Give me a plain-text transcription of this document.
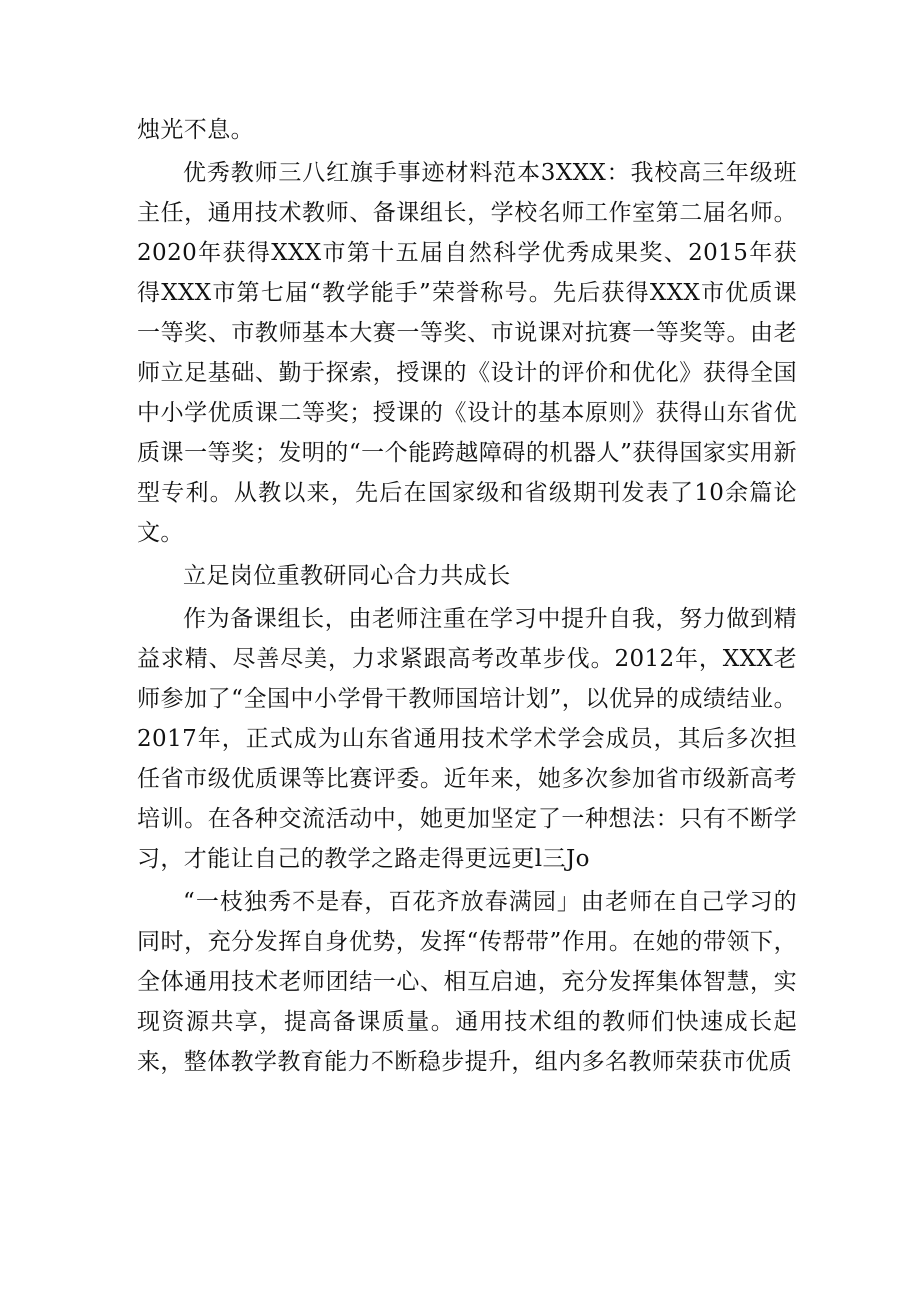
烛光不息。

优秀教师三八红旗手事迹材料范本3XXX：我校高三年级班主任，通用技术教师、备课组长，学校名师工作室第二届名师。2020年获得XXX市第十五届自然科学优秀成果奖、2015年获得XXX市第七届“教学能手”荣誉称号。先后获得XXX市优质课一等奖、市教师基本大赛一等奖、市说课对抗赛一等奖等。由老师立足基础、勤于探索，授课的《设计的评价和优化》获得全国中小学优质课二等奖；授课的《设计的基本原则》获得山东省优质课一等奖；发明的“一个能跨越障碍的机器人”获得国家实用新型专利。从教以来，先后在国家级和省级期刊发表了10余篇论文。

立足岗位重教研同心合力共成长

作为备课组长，由老师注重在学习中提升自我，努力做到精益求精、尽善尽美，力求紧跟高考改革步伐。2012年，XXX老师参加了“全国中小学骨干教师国培计划”，以优异的成绩结业。2017年，正式成为山东省通用技术学术学会成员，其后多次担任省市级优质课等比赛评委。近年来，她多次参加省市级新高考培训。在各种交流活动中，她更加坚定了一种想法：只有不断学习，才能让自己的教学之路走得更远更l三Jo

“一枝独秀不是春，百花齐放春满园」由老师在自己学习的同时，充分发挥自身优势，发挥“传帮带”作用。在她的带领下，全体通用技术老师团结一心、相互启迪，充分发挥集体智慧，实现资源共享，提高备课质量。通用技术组的教师们快速成长起来，整体教学教育能力不断稳步提升，组内多名教师荣获市优质
